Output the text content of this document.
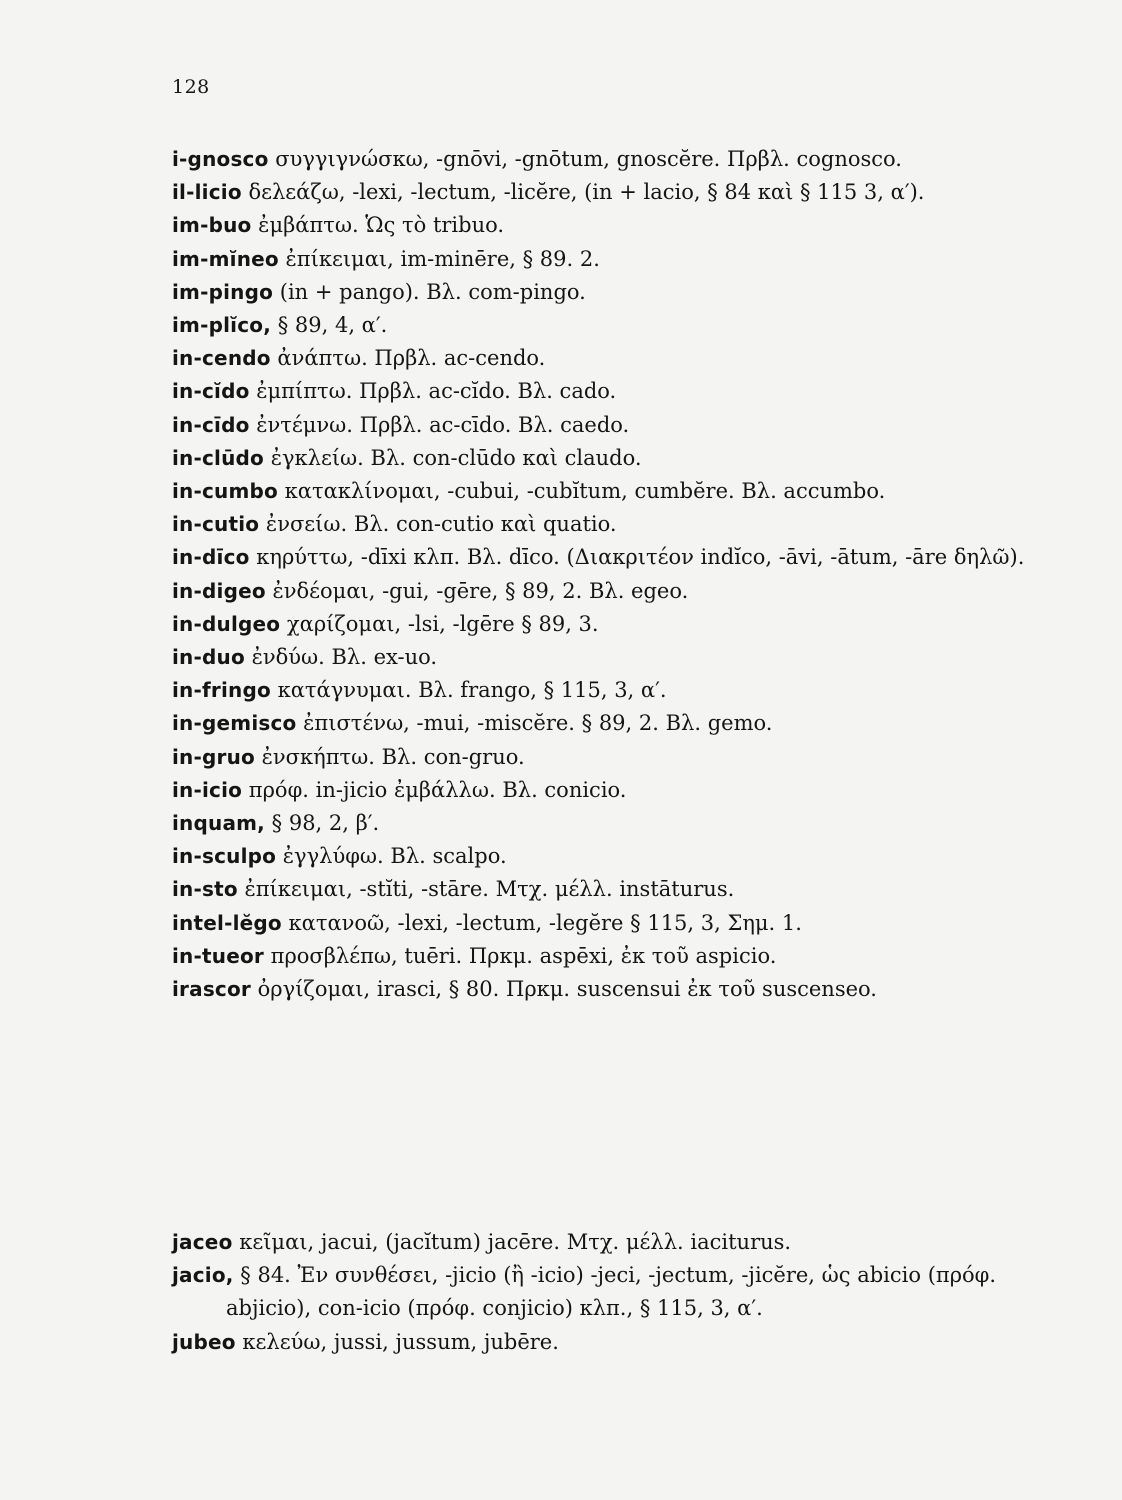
128
i-gnosco συγγιγνώσκω, -gnōvi, -gnōtum, gnoscĕre. Πρβλ. cognosco.
il-licio δελεάζω, -lexi, -lectum, -licĕre, (in + lacio, § 84 καὶ § 115 3, α′).
im-buo ἐμβάπτω. Ὡς τὸ tribuo.
im-mĭneo ἐπίκειμαι, im-minēre, § 89. 2.
im-pingo (in + pango). Βλ. com-pingo.
im-plĭco, § 89, 4, α′.
in-cendo ἀνάπτω. Πρβλ. ac-cendo.
in-cĭdo ἐμπίπτω. Πρβλ. ac-cĭdo. Βλ. cado.
in-cīdo ἐντέμνω. Πρβλ. ac-cīdo. Βλ. caedo.
in-clūdo ἐγκλείω. Βλ. con-clūdo καὶ claudo.
in-cumbo κατακλίνομαι, -cubui, -cubĭtum, cumbĕre. Βλ. accumbo.
in-cutio ἐνσείω. Βλ. con-cutio καὶ quatio.
in-dīco κηρύττω, -dīxi κλπ. Βλ. dīco. (Διακριτέον indĭco, -āvi, -ātum, -āre δηλῶ).
in-digeo ἐνδέομαι, -gui, -gēre, § 89, 2. Βλ. egeo.
in-dulgeo χαρίζομαι, -lsi, -lgēre § 89, 3.
in-duo ἐνδύω. Βλ. ex-uo.
in-fringo κατάγνυμαι. Βλ. frango, § 115, 3, α′.
in-gemisco ἐπιστένω, -mui, -miscĕre. § 89, 2. Βλ. gemo.
in-gruo ἐνσκήπτω. Βλ. con-gruo.
in-icio πρόφ. in-jicio ἐμβάλλω. Βλ. conicio.
inquam, § 98, 2, β′.
in-sculpo ἐγγλύφω. Βλ. scalpo.
in-sto ἐπίκειμαι, -stĭti, -stāre. Μτχ. μέλλ. instāturus.
intel-lĕgo κατανοῶ, -lexi, -lectum, -legĕre § 115, 3, Σημ. 1.
in-tueor προσβλέπω, tuēri. Πρκμ. aspēxi, ἐκ τοῦ aspicio.
irascor ὀργίζομαι, irasci, § 80. Πρκμ. suscensui ἐκ τοῦ suscenseo.
jaceo κεῖμαι, jacui, (jacĭtum) jacēre. Μτχ. μέλλ. iaciturus.
jacio, § 84. Ἐν συνθέσει, -jicio (ἢ -icio) -jeci, -jectum, -jicĕre, ὡς abicio (πρόφ. abjicio), con-icio (πρόφ. conjicio) κλπ., § 115, 3, α′.
jubeo κελεύω, jussi, jussum, jubēre.
